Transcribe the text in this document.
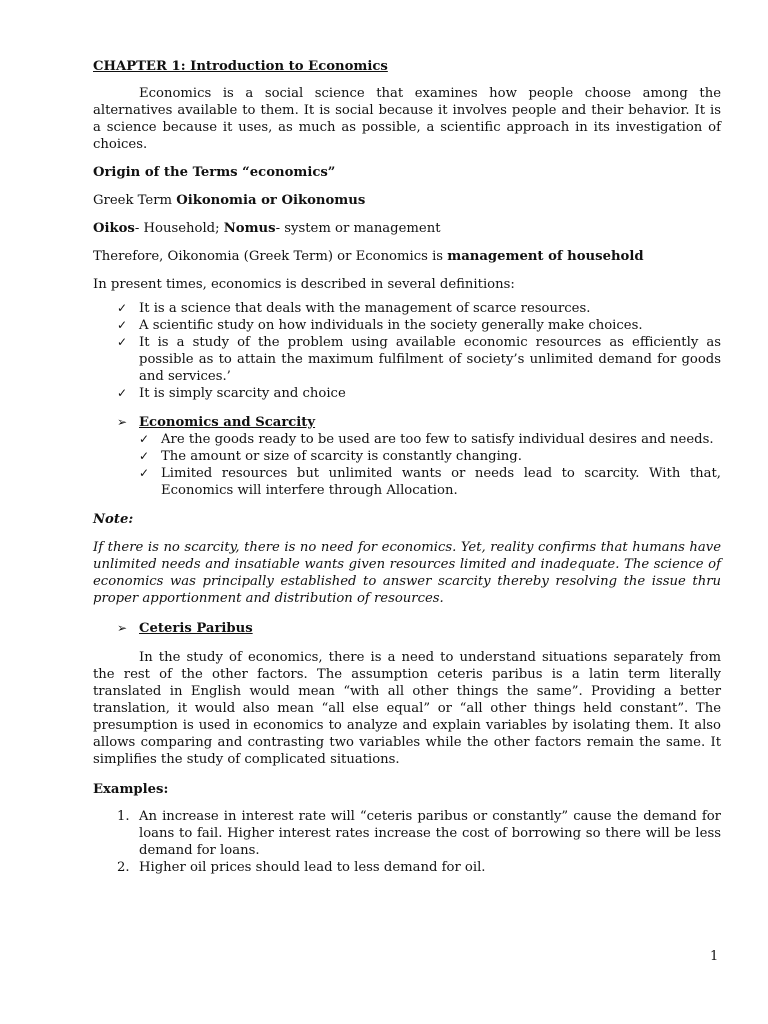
CHAPTER 1: Introduction to Economics

Economics is a social science that examines how people choose among the alternatives available to them. It is social because it involves people and their behavior. It is a science because it uses, as much as possible, a scientific approach in its investigation of choices.

Origin of the Terms “economics”

Greek Term Oikonomia or Oikonomus

Oikos- Household; Nomus- system or management

Therefore, Oikonomia (Greek Term) or Economics is management of household

In present times, economics is described in several definitions:

✓ It is a science that deals with the management of scarce resources.
✓ A scientific study on how individuals in the society generally make choices.
✓ It is a study of the problem using available economic resources as efficiently as possible as to attain the maximum fulfilment of society’s unlimited demand for goods and services.’
✓ It is simply scarcity and choice
➢ Economics and Scarcity
✓ Are the goods ready to be used are too few to satisfy individual desires and needs.
✓ The amount or size of scarcity is constantly changing.
✓ Limited resources but unlimited wants or needs lead to scarcity. With that, Economics will interfere through Allocation.

Note:

If there is no scarcity, there is no need for economics. Yet, reality confirms that humans have unlimited needs and insatiable wants given resources limited and inadequate. The science of economics was principally established to answer scarcity thereby resolving the issue thru proper apportionment and distribution of resources.

➢ Ceteris Paribus

In the study of economics, there is a need to understand situations separately from the rest of the other factors. The assumption ceteris paribus is a latin term literally translated in English would mean “with all other things the same”. Providing a better translation, it would also mean “all else equal” or “all other things held constant”. The presumption is used in economics to analyze and explain variables by isolating them. It also allows comparing and contrasting two variables while the other factors remain the same. It simplifies the study of complicated situations.

Examples:

1. An increase in interest rate will “ceteris paribus or constantly” cause the demand for loans to fail. Higher interest rates increase the cost of borrowing so there will be less demand for loans.
2. Higher oil prices should lead to less demand for oil.
1
